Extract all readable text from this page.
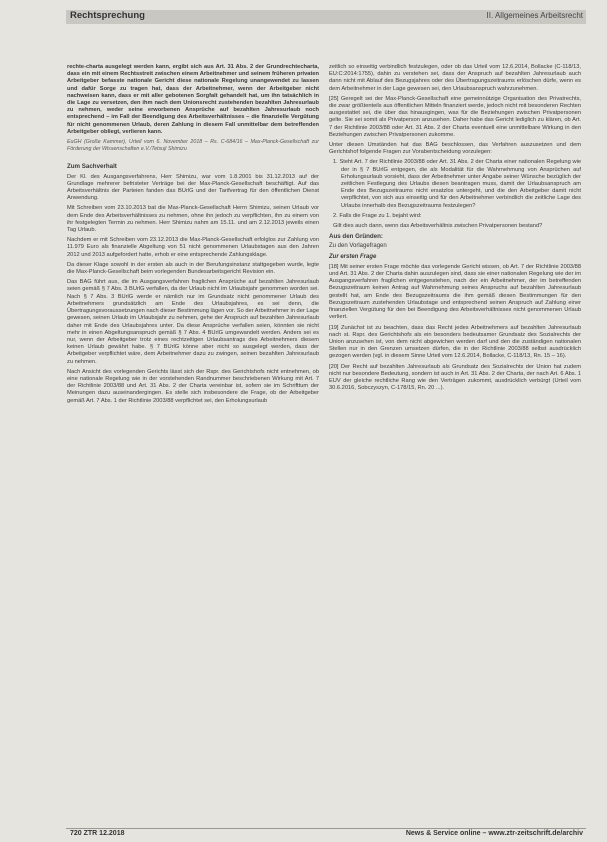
Rechtsprechung	II. Allgemeines Arbeitsrecht

rechte-charta ausgelegt werden kann, ergibt sich aus Art. 31 Abs. 2 der Grundrechtecharta, dass ein mit einem Rechtsstreit zwischen einem Arbeitnehmer und seinem früheren privaten Arbeitgeber befasste nationale Gericht diese nationale Regelung unangewendet zu lassen und dafür Sorge zu tragen hat, dass der Arbeitnehmer, wenn der Arbeitgeber nicht nachweisen kann, dass er mit aller gebotenen Sorgfalt gehandelt hat, um ihn tatsächlich in die Lage zu versetzen, den ihm nach dem Unionsrecht zustehenden bezahlten Jahresurlaub zu nehmen, weder seine erworbenen Ansprüche auf bezahlten Jahresurlaub noch entsprechend – im Fall der Beendigung des Arbeitsverhältnisses – die finanzielle Vergütung für nicht genommenen Urlaub, deren Zahlung in diesem Fall unmittelbar dem betreffenden Arbeitgeber obliegt, verlieren kann.

EuGH (Große Kammer), Urteil vom 6. November 2018 – Rs. C-684/16 – Max-Planck-Gesellschaft zur Förderung der Wissenschaften e.V./Tetsuji Shimizu

Zum Sachverhalt

Der Kl. des Ausgangsverfahrens, Herr Shimizu, war vom 1.8.2001 bis 31.12.2013 auf der Grundlage mehrerer befristeter Verträge bei der Max-Planck-Gesellschaft beschäftigt. Auf das Arbeitsverhältnis der Parteien fanden das BUrlG und der Tarifvertrag für den öffentlichen Dienst Anwendung.

Mit Schreiben vom 23.10.2013 bat die Max-Planck-Gesellschaft Herrn Shimizu, seinen Urlaub vor dem Ende des Arbeitsverhältnisses zu nehmen, ohne ihn jedoch zu verpflichten, ihn zu einem von ihr festgelegten Termin zu nehmen. Herr Shimizu nahm am 15.11. und am 2.12.2013 jeweils einen Tag Urlaub.

Nachdem er mit Schreiben vom 23.12.2013 die Max-Planck-Gesellschaft erfolglos zur Zahlung von 11.979 Euro als finanzielle Abgeltung von 51 nicht genommenen Urlaubstagen aus den Jahren 2012 und 2013 aufgefordert hatte, erhob er eine entsprechende Zahlungsklage.

Da dieser Klage sowohl in der ersten als auch in der Berufungsinstanz stattgegeben wurde, legte die Max-Planck-Gesellschaft beim vorlegenden Bundesarbeitsgericht Revision ein.

Das BAG führt aus, die im Ausgangsverfahren fraglichen Ansprüche auf bezahlten Jahresurlaub seien gemäß § 7 Abs. 3 BUrlG verfallen, da der Urlaub nicht im Urlaubsjahr genommen worden sei. Nach § 7 Abs. 3 BUrlG werde er nämlich nur im Grundsatz nicht genommener Urlaub des Arbeitnehmers grundsätzlich am Ende des Urlaubsjahres, es sei denn, die Übertragungsvoraussetzungen nach dieser Bestimmung lägen vor. So der Arbeitnehmer in der Lage gewesen, seinen Urlaub im Urlaubsjahr zu nehmen, gehe der Anspruch auf bezahlten Jahresurlaub daher mit Ende des Urlaubsjahres unter. Da diese Ansprüche verfallen seien, könnten sie nicht mehr in einen Abgeltungsanspruch gemäß § 7 Abs. 4 BUrlG umgewandelt werden. Anders sei es nur, wenn der Arbeitgeber trotz eines rechtzeitigen Urlaubsantrags des Arbeitnehmers diesem keinen Urlaub gewährt habe. § 7 BUrlG könne aber nicht so ausgelegt werden, dass der Arbeitgeber verpflichtet wäre, dem Arbeitnehmer dazu zu zwingen, seinen bezahlten Jahresurlaub zu nehmen.

Nach Ansicht des vorlegenden Gerichts lässt sich der Rspr. des Gerichtshofs nicht entnehmen, ob eine nationale Regelung wie in der vorstehenden Randnummer beschriebenen Wirkung mit Art. 7 der Richtlinie 2003/88 und Art. 31 Abs. 2 der Charta vereinbar ist, sofern sie im Schrifttum der Meinungen dazu auseinandergingen. Es stelle sich insbesondere die Frage, ob der Arbeitgeber gemäß Art. 7 Abs. 1 der Richtlinie 2003/88 verpflichtet sei, den Erholungsurlaub

zeitlich so einseitig verbindlich festzulegen, oder ob das Urteil vom 12.6.2014, Bollacke (C-118/13, EU:C:2014:1755), dahin zu verstehen sei, dass der Anspruch auf bezahlten Jahresurlaub auch dann nicht mit Ablauf des Bezugsjahres oder des Übertragungszeitraums erlöschen dürfe, wenn es dem Arbeitnehmer in der Lage gewesen sei, den Urlaubsanspruch wahrzunehmen.

[25] Geregelt sei der Max-Planck-Gesellschaft eine gemeinnützige Organisation des Privatrechts, die zwar größtenteils aus öffentlichen Mitteln finanziert werde, jedoch nicht mit besonderen Rechten ausgestattet sei, die über das hinausgingen, was für die Beziehungen zwischen Privatpersonen gelte. Sie sei somit als Privatperson anzusehen. Daher habe das Gericht lediglich zu klären, ob Art. 7 der Richtlinie 2003/88 oder Art. 31 Abs. 2 der Charta eventuell eine unmittelbare Wirkung in den Beziehungen zwischen Privatpersonen zukomme.

Unter diesen Umständen hat das BAG beschlossen, das Verfahren auszusetzen und dem Gerichtshof folgende Fragen zur Vorabentscheidung vorzulegen:

1. Steht Art. 7 der Richtlinie 2003/88 oder Art. 31 Abs. 2 der Charta einer nationalen Regelung wie der in § 7 BUrlG entgegen, die als Modalität für die Wahrnehmung von Ansprüchen auf Erholungsurlaub vorsieht, dass der Arbeitnehmer unter Angabe seiner Wünsche bezüglich der zeitlichen Festlegung des Urlaubs diesen beantragen muss, damit der Urlaubsanspruch am Ende des Bezugszeitraums nicht ersatzlos untergeht, und die den Arbeitgeber damit nicht verpflichtet, von sich aus einseitig und für den Arbeitnehmer verbindlich die zeitliche Lage des Urlaubs innerhalb des Bezugszeitraums festzulegen?

2. Falls die Frage zu 1. bejaht wird:

Gilt dies auch dann, wenn das Arbeitsverhältnis zwischen Privatpersonen bestand?

Aus den Gründen:

Zu den Vorlagefragen

Zur ersten Frage

[18] Mit seiner ersten Frage möchte das vorlegende Gericht wissen, ob Art. 7 der Richtlinie 2003/88 und Art. 31 Abs. 2 der Charta dahin auszulegen sind, dass sie einer nationalen Regelung wie der im Ausgangsverfahren fraglichen entgegenstehen, nach der ein Arbeitnehmer, der im betreffenden Bezugszeitraum keinen Antrag auf Wahrnehmung seines Anspruchs auf bezahlten Jahresurlaub gestellt hat, am Ende des Bezugszeitraums die ihm gemäß diesen Bestimmungen für den Bezugszeitraum zustehenden Urlaubstage und entsprechend seinen Anspruch auf Zahlung einer finanziellen Vergütung für den bei Beendigung des Arbeitsverhältnisses nicht genommenen Urlaub verliert.

[19] Zunächst ist zu beachten, dass das Recht jedes Arbeitnehmers auf bezahlten Jahresurlaub nach st. Rspr. des Gerichtshofs als ein besonders bedeutsamer Grundsatz des Sozialrechts der Union anzusehen ist, von dem nicht abgewichen werden darf und den die zuständigen nationalen Stellen nur in den Grenzen umsetzen dürfen, die in der Richtlinie 2003/88 selbst ausdrücklich gezogen werden (vgl. in diesem Sinne Urteil vom 12.6.2014, Bollacke, C-118/13, Rn. 15 – 16).

[20] Der Recht auf bezahlten Jahresurlaub als Grundsatz des Sozialrechts der Union hat zudem nicht nur besondere Bedeutung, sondern ist auch in Art. 31 Abs. 2 der Charta, der nach Art. 6 Abs. 1 EUV der gleiche rechtliche Rang wie den Verträgen zukommt, ausdrücklich verbürgt (Urteil vom 30.6.2016, Sobczyszyn, C-178/15, Rn. 20 ...).

720 ZTR 12.2018	News & Service online – www.ztr-zeitschrift.de/archiv
